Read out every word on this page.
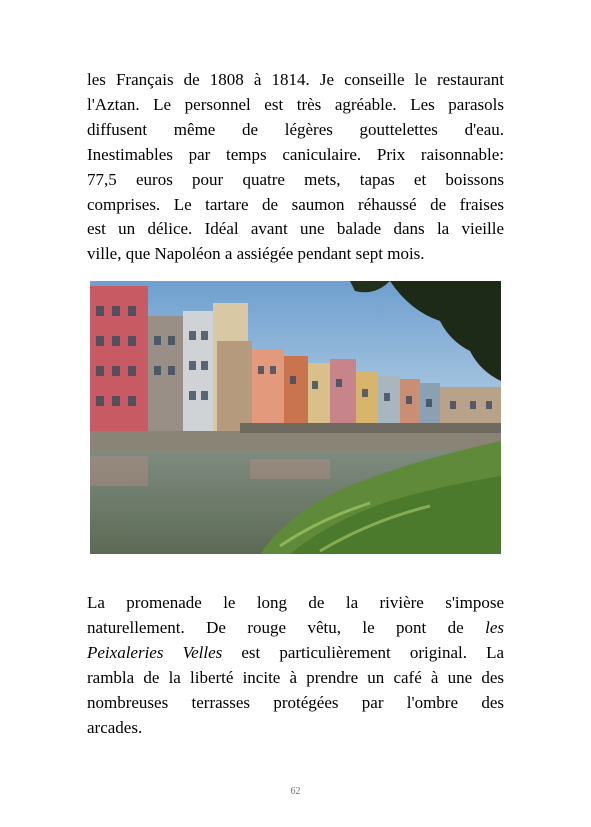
les Français de 1808 à 1814. Je conseille le restaurant
l'Aztan. Le personnel est très agréable. Les parasols
diffusent même de légères gouttelettes d'eau.
Inestimables par temps caniculaire. Prix raisonnable:
77,5 euros pour quatre mets, tapas et boissons
comprises. Le tartare de saumon réhaussé de fraises
est un délice. Idéal avant une balade dans la vieille
ville, que Napoléon a assiégée pendant sept mois.
La promenade le long de la rivière s'impose
naturellement. De rouge vêtu, le pont de les
Peixaleries Velles est particulièrement original. La
rambla de la liberté incite à prendre un café à une des
nombreuses terrasses protégées par l'ombre des
arcades.
62
